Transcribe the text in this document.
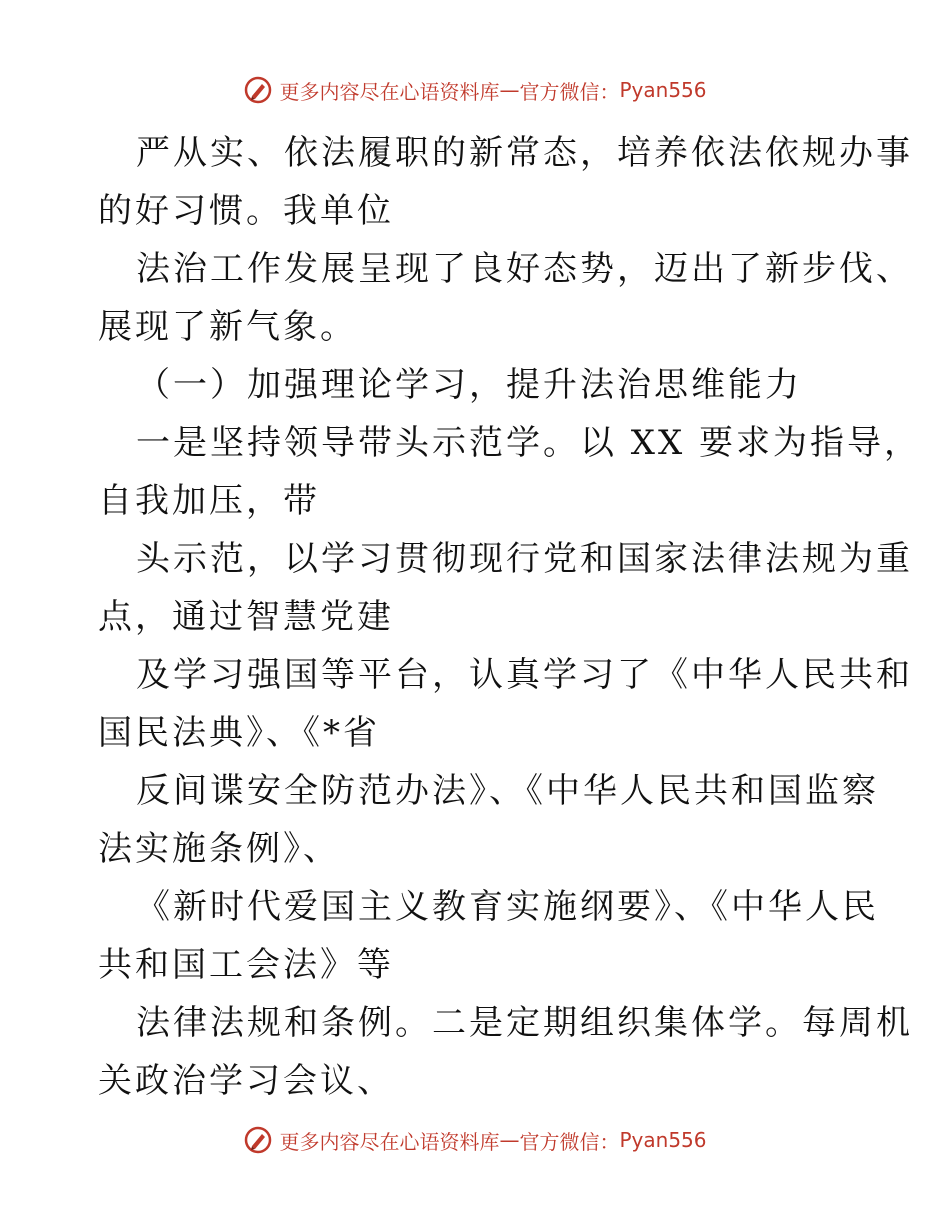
更多内容尽在心语资料库 — 官方微信： Pyan556
严从实、依法履职的新常态，培养依法依规办事
的好习惯。我单位
法治工作发展呈现了良好态势，迈出了新步伐、
展现了新气象。
（一）加强理论学习，提升法治思维能力
一是坚持领导带头示范学。以 XX 要求为指导，
自我加压，带
头示范，以学习贯彻现行党和国家法律法规为重
点，通过智慧党建
及学习强国等平台，认真学习了《中华人民共和
国民法典》、《*省
反间谍安全防范办法》、《中华人民共和国监察
法实施条例》、
《新时代爱国主义教育实施纲要》、《中华人民
共和国工会法》等
法律法规和条例。二是定期组织集体学。每周机
关政治学习会议、
更多内容尽在心语资料库 — 官方微信： Pyan556
